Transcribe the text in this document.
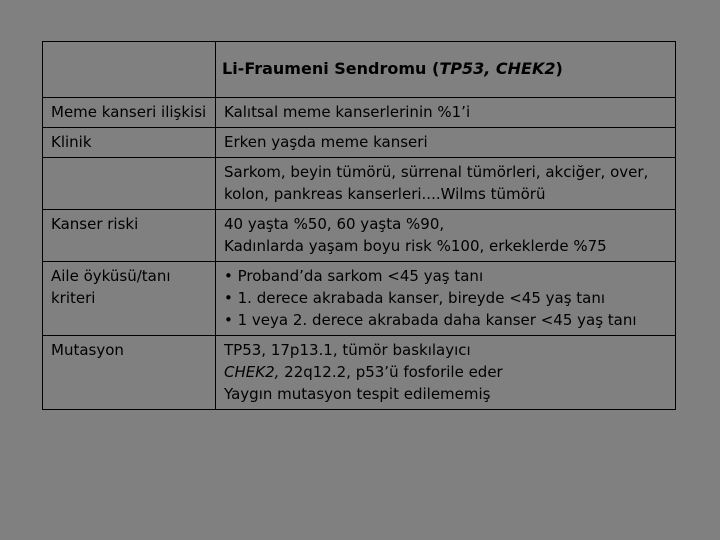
	Li-Fraumeni Sendromu (TP53, CHEK2)
Meme kanseri ilişkisi	Kalıtsal meme kanserlerinin %1’i

Klinik	Erken yaşda meme kanseri

	Sarkom, beyin tümörü, sürrenal tümörleri, akciğer, over, kolon, pankreas kanserleri....Wilms tümörü

Kanser riski	40 yaşta %50, 60 yaşta %90,
Kadınlarda yaşam boyu risk %100, erkeklerde %75

Aile öyküsü/tanı kriteri	• Proband’da sarkom <45 yaş tanı
• 1. derece akrabada kanser, bireyde <45 yaş tanı
• 1 veya 2. derece akrabada daha kanser <45 yaş tanı

Mutasyon	TP53, 17p13.1, tümör baskılayıcı
CHEK2, 22q12.2, p53’ü fosforile eder
Yaygın mutasyon tespit edilememiş
